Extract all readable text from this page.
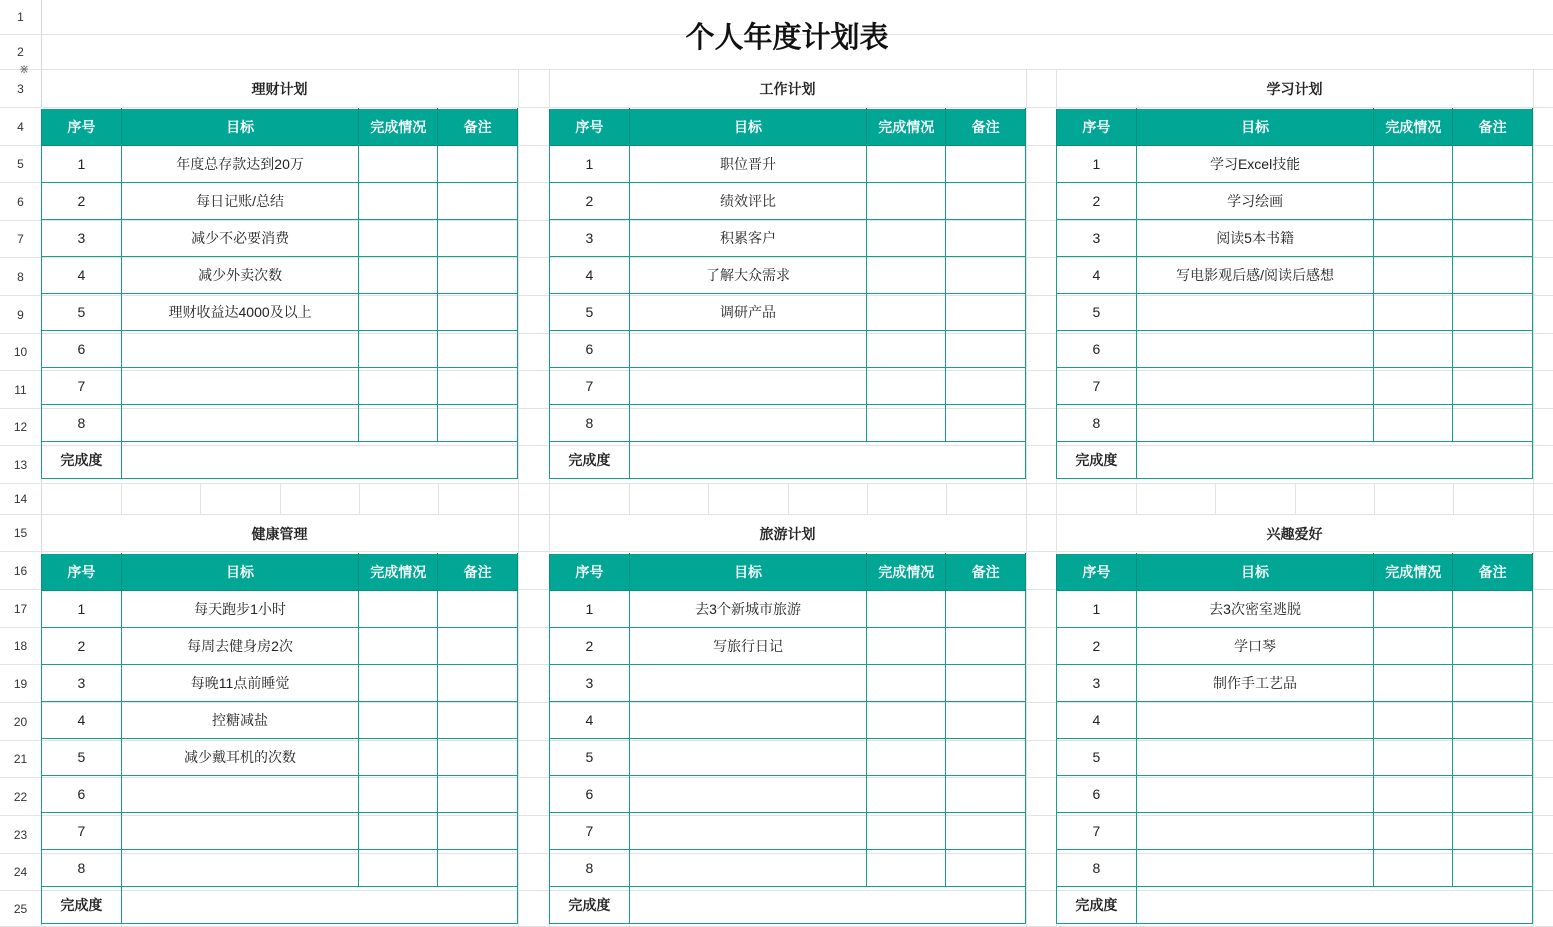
1
2
3
4
5
6
7
8
9
10
11
12
13
14
15
16
17
18
19
20
21
22
23
24
25
⋇
个人年度计划表
理财计划
序号	目标	完成情况	备注
1	年度总存款达到20万		
2	每日记账/总结		
3	减少不必要消费		
4	减少外卖次数		
5	理财收益达4000及以上		
6			
7			
8			
完成度			
工作计划
序号	目标	完成情况	备注
1	职位晋升		
2	绩效评比		
3	积累客户		
4	了解大众需求		
5	调研产品		
6			
7			
8			
完成度			
学习计划
序号	目标	完成情况	备注
1	学习Excel技能		
2	学习绘画		
3	阅读5本书籍		
4	写电影观后感/阅读后感想		
5			
6			
7			
8			
完成度			
健康管理
序号	目标	完成情况	备注
1	每天跑步1小时		
2	每周去健身房2次		
3	每晚11点前睡觉		
4	控糖减盐		
5	减少戴耳机的次数		
6			
7			
8			
完成度			
旅游计划
序号	目标	完成情况	备注
1	去3个新城市旅游		
2	写旅行日记		
3			
4			
5			
6			
7			
8			
完成度			
兴趣爱好
序号	目标	完成情况	备注
1	去3次密室逃脱		
2	学口琴		
3	制作手工艺品		
4			
5			
6			
7			
8			
完成度			
